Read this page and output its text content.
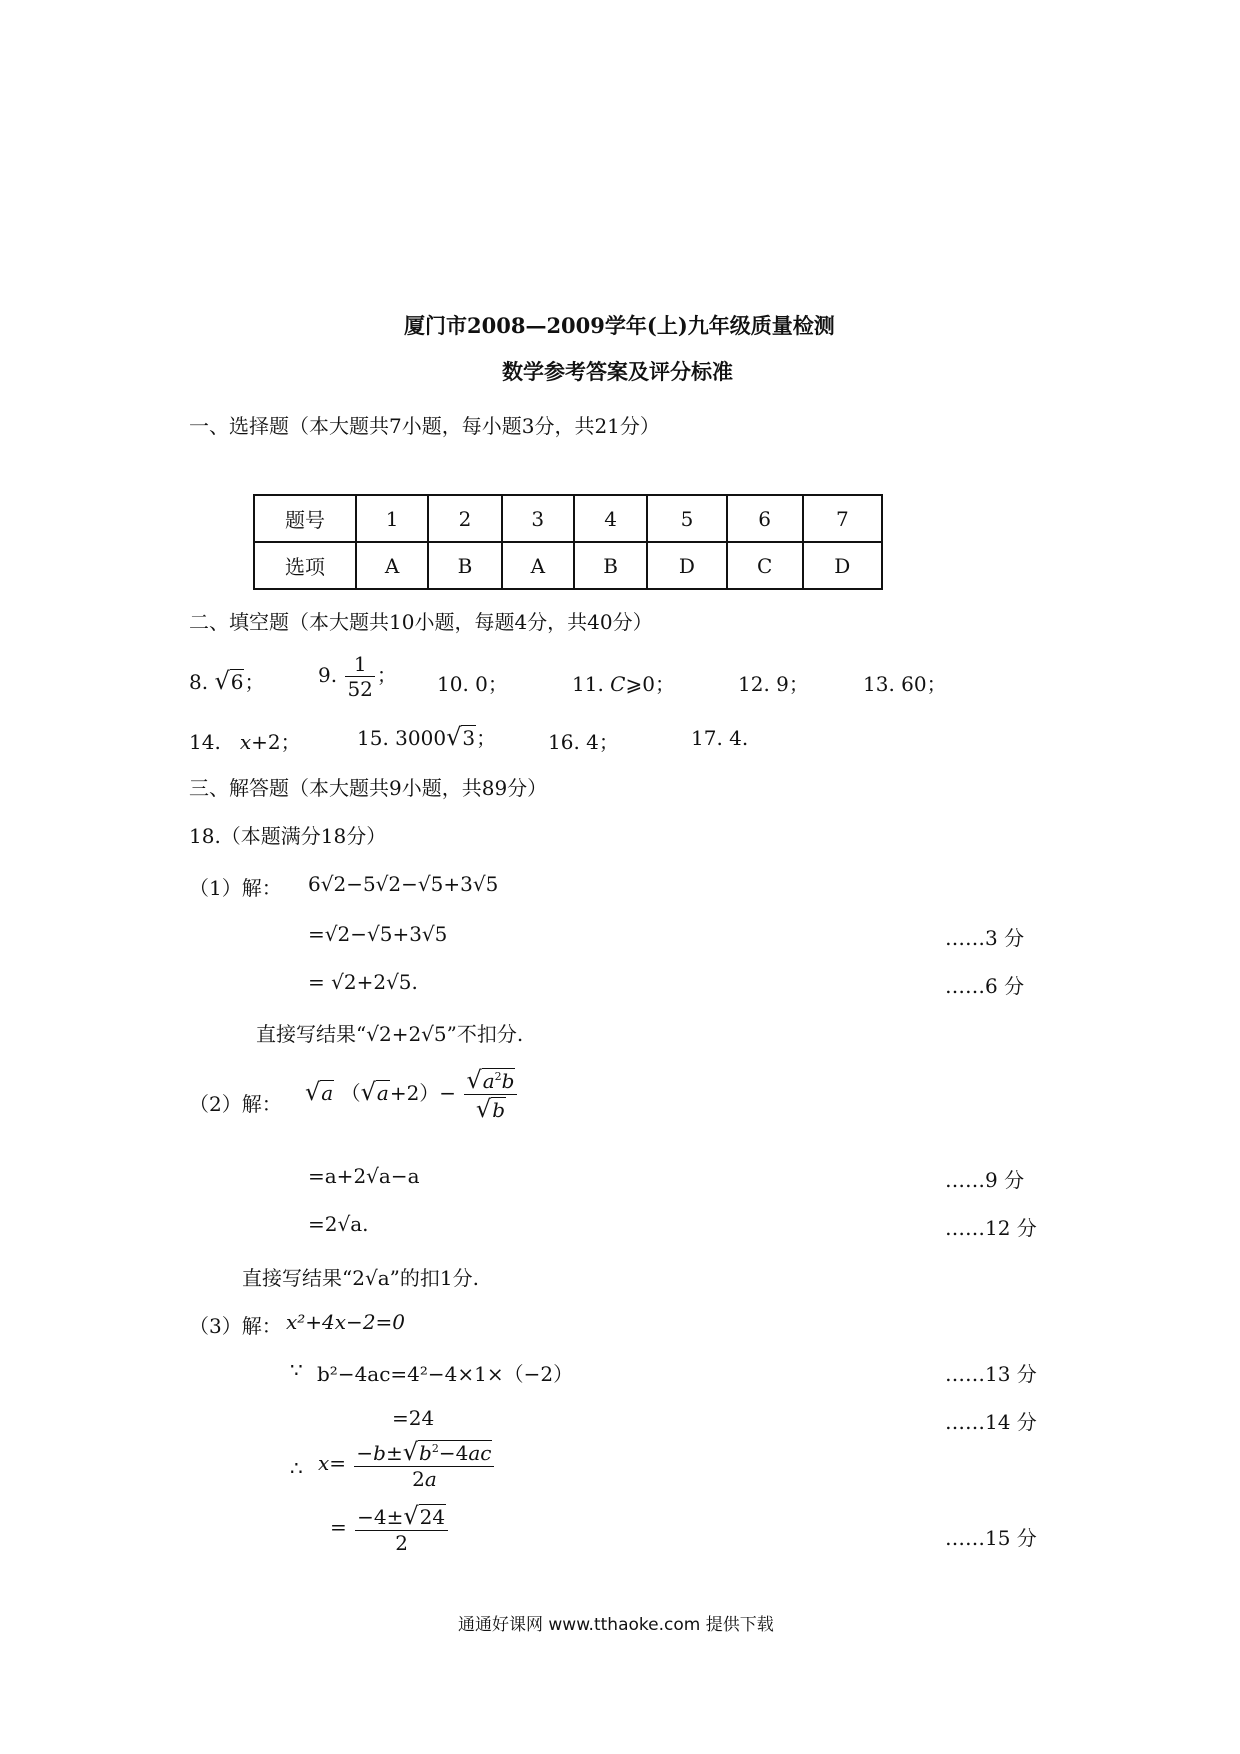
厦门市2008—2009学年(上)九年级质量检测
数学参考答案及评分标准
一、选择题（本大题共7小题，每小题3分，共21分）
题号	1	2	3	4	5	6	7
选项	A	B	A	B	D	C	D
二、填空题（本大题共10小题，每题4分，共40分）
8. √6；	9. $\frac{1}{52}$ ； 10. 0；	11. C⩾0；	12. 9；	13. 60；
14. x+2；	15. 3000√3；	16. 4；	17. 4.
三、解答题（本大题共9小题，共89分）
18.（本题满分18分）
（1）解： 6√2−5√2−√5+3√5
=√2−√5+3√5	……3 分
= √2+2√5.	……6 分
直接写结果“√2+2√5”不扣分.
（2）解： √a $(√a+2)- \frac{√a^2b}{√b}$
=a+2√a−a	……9 分
=2√a.	……12 分
直接写结果“2√a”的扣1分.
（3）解： x²+4x−2=0
∵ b²−4ac=4²−4×1×（−2）	……13 分
=24	……14 分
∴ $x= \frac{-b\pm√b^2-4ac}{2a}$
= $\frac{-4\pm√24}{2}$	……15 分
通通好课网 www.tthaoke.com 提供下载
